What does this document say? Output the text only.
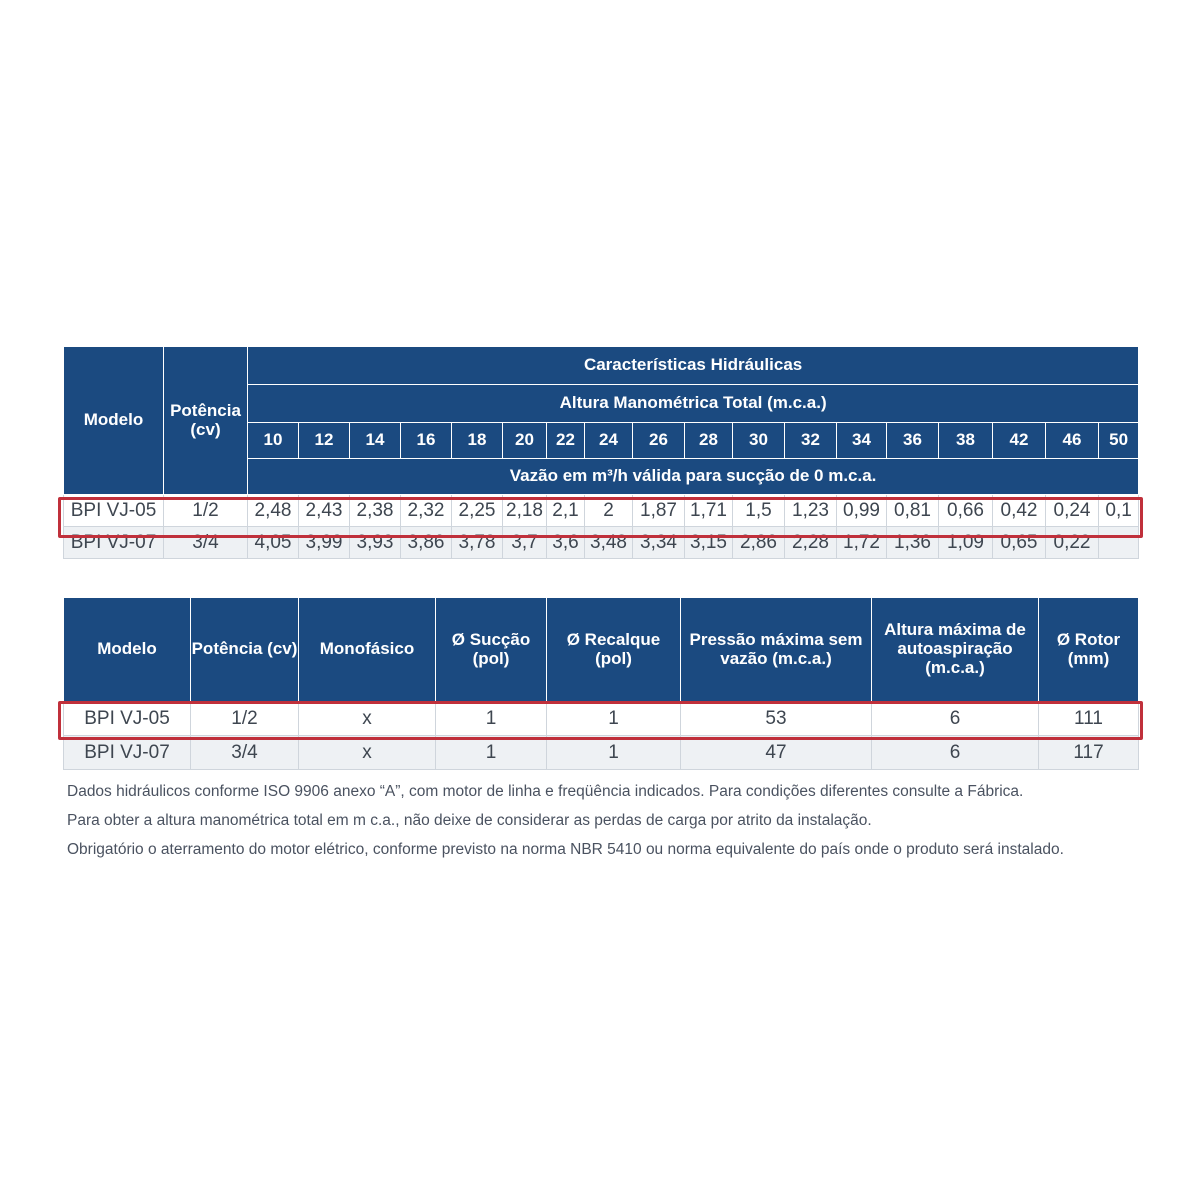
Modelo	Potência (cv)	Características Hidráulicas																	
		Altura Manométrica Total (m.c.a.)																	
		10	12	14	16	18	20	22	24	26	28	30	32	34	36	38	42	46	50
		Vazão em m³/h válida para sucção de 0 m.c.a.																	
BPI VJ-05	1/2	2,48	2,43	2,38	2,32	2,25	2,18	2,1	2	1,87	1,71	1,5	1,23	0,99	0,81	0,66	0,42	0,24	0,1
BPI VJ-07	3/4	4,05	3,99	3,93	3,86	3,78	3,7	3,6	3,48	3,34	3,15	2,86	2,28	1,72	1,36	1,09	0,65	0,22	
Modelo	Potência (cv)	Monofásico	Ø Sucção (pol)	Ø Recalque (pol)	Pressão máxima sem vazão (m.c.a.)	Altura máxima de autoaspiração (m.c.a.)	Ø Rotor (mm)
BPI VJ-05	1/2	x	1	1	53	6	111
BPI VJ-07	3/4	x	1	1	47	6	117

Dados hidráulicos conforme ISO 9906 anexo “A”, com motor de linha e freqüência indicados. Para condições diferentes consulte a Fábrica.

Para obter a altura manométrica total em m c.a., não deixe de considerar as perdas de carga por atrito da instalação.

Obrigatório o aterramento do motor elétrico, conforme previsto na norma NBR 5410 ou norma equivalente do país onde o produto será instalado.
